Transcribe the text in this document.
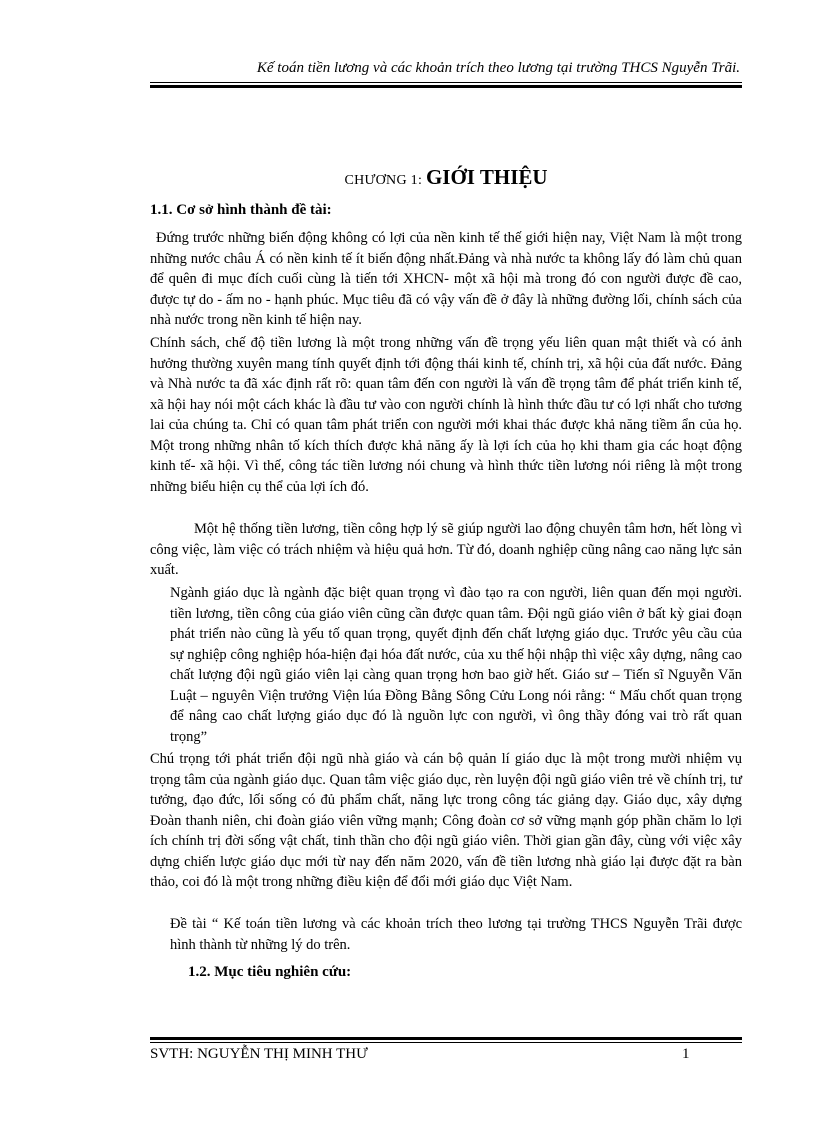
Kế toán tiền lương và các khoản trích theo lương tại trường THCS Nguyễn Trãi.
CHƯƠNG 1: GIỚI THIỆU
1.1. Cơ sở hình thành đề tài:

Đứng trước những biến động không có lợi của nền kinh tế thế giới hiện nay, Việt Nam là một trong những nước châu Á có nền kinh tế ít biến động nhất.Đảng và nhà nước ta không lấy đó làm chủ quan để quên đi mục đích cuối cùng là tiến tới XHCN- một xã hội mà trong đó con người được đề cao, được tự do - ấm no - hạnh phúc. Mục tiêu đã có vậy vấn đề ở đây là những đường lối, chính sách của nhà nước trong nền kinh tế hiện nay.

Chính sách, chế độ tiền lương là một trong những vấn đề trọng yếu liên quan mật thiết và có ảnh hưởng thường xuyên mang tính quyết định tới động thái kinh tế, chính trị, xã hội của đất nước. Đảng và Nhà nước ta đã xác định rất rõ: quan tâm đến con người là vấn đề trọng tâm để phát triển kinh tế, xã hội hay nói một cách khác là đầu tư vào con người chính là hình thức đầu tư có lợi nhất cho tương lai của chúng ta. Chỉ có quan tâm phát triển con người mới khai thác được khả năng tiềm ẩn của họ. Một trong những nhân tố kích thích được khả năng ấy là lợi ích của họ khi tham gia các hoạt động kinh tế- xã hội. Vì thế, công tác tiền lương nói chung và hình thức tiền lương nói riêng là một trong những biểu hiện cụ thể của lợi ích đó.

Một hệ thống tiền lương, tiền công hợp lý sẽ giúp người lao động chuyên tâm hơn, hết lòng vì công việc, làm việc có trách nhiệm và hiệu quả hơn. Từ đó, doanh nghiệp cũng nâng cao năng lực sản xuất.

Ngành giáo dục là ngành đặc biệt quan trọng vì đào tạo ra con người, liên quan đến mọi người. tiền lương, tiền công của giáo viên cũng cần được quan tâm. Đội ngũ giáo viên ở bất kỳ giai đoạn phát triển nào cũng là yếu tố quan trọng, quyết định đến chất lượng giáo dục. Trước yêu cầu của sự nghiệp công nghiệp hóa-hiện đại hóa đất nước, của xu thế hội nhập thì việc xây dựng, nâng cao chất lượng đội ngũ giáo viên lại càng quan trọng hơn bao giờ hết. Giáo sư – Tiến sĩ Nguyễn Văn Luật – nguyên Viện trưởng Viện lúa Đồng Bằng Sông Cửu Long nói rằng: “ Mấu chốt quan trọng để nâng cao chất lượng giáo dục đó là nguồn lực con người, vì ông thầy đóng vai trò rất quan trọng”

Chú trọng tới phát triển đội ngũ nhà giáo và cán bộ quản lí giáo dục là một trong mười nhiệm vụ trọng tâm của ngành giáo dục. Quan tâm việc giáo dục, rèn luyện đội ngũ giáo viên trẻ về chính trị, tư tưởng, đạo đức, lối sống có đủ phẩm chất, năng lực trong công tác giảng dạy. Giáo dục, xây dựng Đoàn thanh niên, chi đoàn giáo viên vững mạnh; Công đoàn cơ sở vững mạnh góp phần chăm lo lợi ích chính trị đời sống vật chất, tinh thần cho đội ngũ giáo viên. Thời gian gần đây, cùng với việc xây dựng chiến lược giáo dục mới từ nay đến năm 2020, vấn đề tiền lương nhà giáo lại được đặt ra bàn thảo, coi đó là một trong những điều kiện để đổi mới giáo dục Việt Nam.

Đề tài “ Kế toán tiền lương và các khoản trích theo lương tại trường THCS Nguyễn Trãi được hình thành từ những lý do trên.

1.2. Mục tiêu nghiên cứu:
SVTH: NGUYỄN THỊ MINH THƯ	1
